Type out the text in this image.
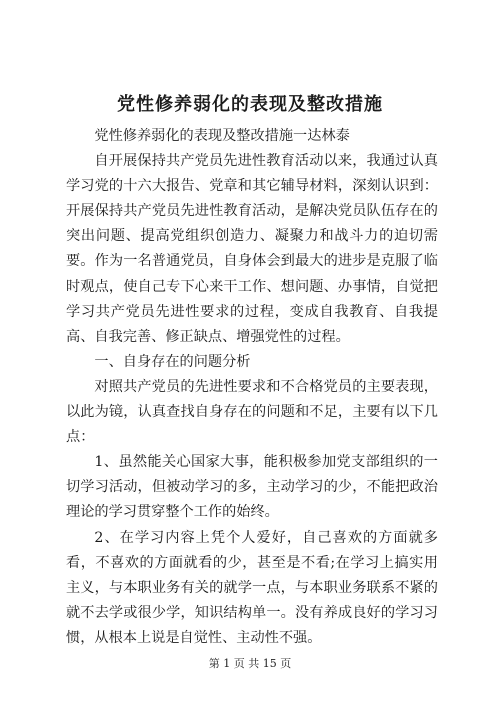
党性修养弱化的表现及整改措施

党性修养弱化的表现及整改措施一达林泰

自开展保持共产党员先进性教育活动以来，我通过认真学习党的十六大报告、党章和其它辅导材料，深刻认识到：开展保持共产党员先进性教育活动，是解决党员队伍存在的突出问题、提高党组织创造力、凝聚力和战斗力的迫切需要。作为一名普通党员，自身体会到最大的进步是克服了临时观点，使自己专下心来干工作、想问题、办事情，自觉把学习共产党员先进性要求的过程，变成自我教育、自我提高、自我完善、修正缺点、增强党性的过程。

一、自身存在的问题分析

对照共产党员的先进性要求和不合格党员的主要表现，以此为镜，认真查找自身存在的问题和不足，主要有以下几点：

1、虽然能关心国家大事，能积极参加党支部组织的一切学习活动，但被动学习的多，主动学习的少，不能把政治理论的学习贯穿整个工作的始终。

2、在学习内容上凭个人爱好，自己喜欢的方面就多看，不喜欢的方面就看的少，甚至是不看;在学习上搞实用主义，与本职业务有关的就学一点，与本职业务联系不紧的就不去学或很少学，知识结构单一。没有养成良好的学习习惯，从根本上说是自觉性、主动性不强。

第 1 页 共 15 页
